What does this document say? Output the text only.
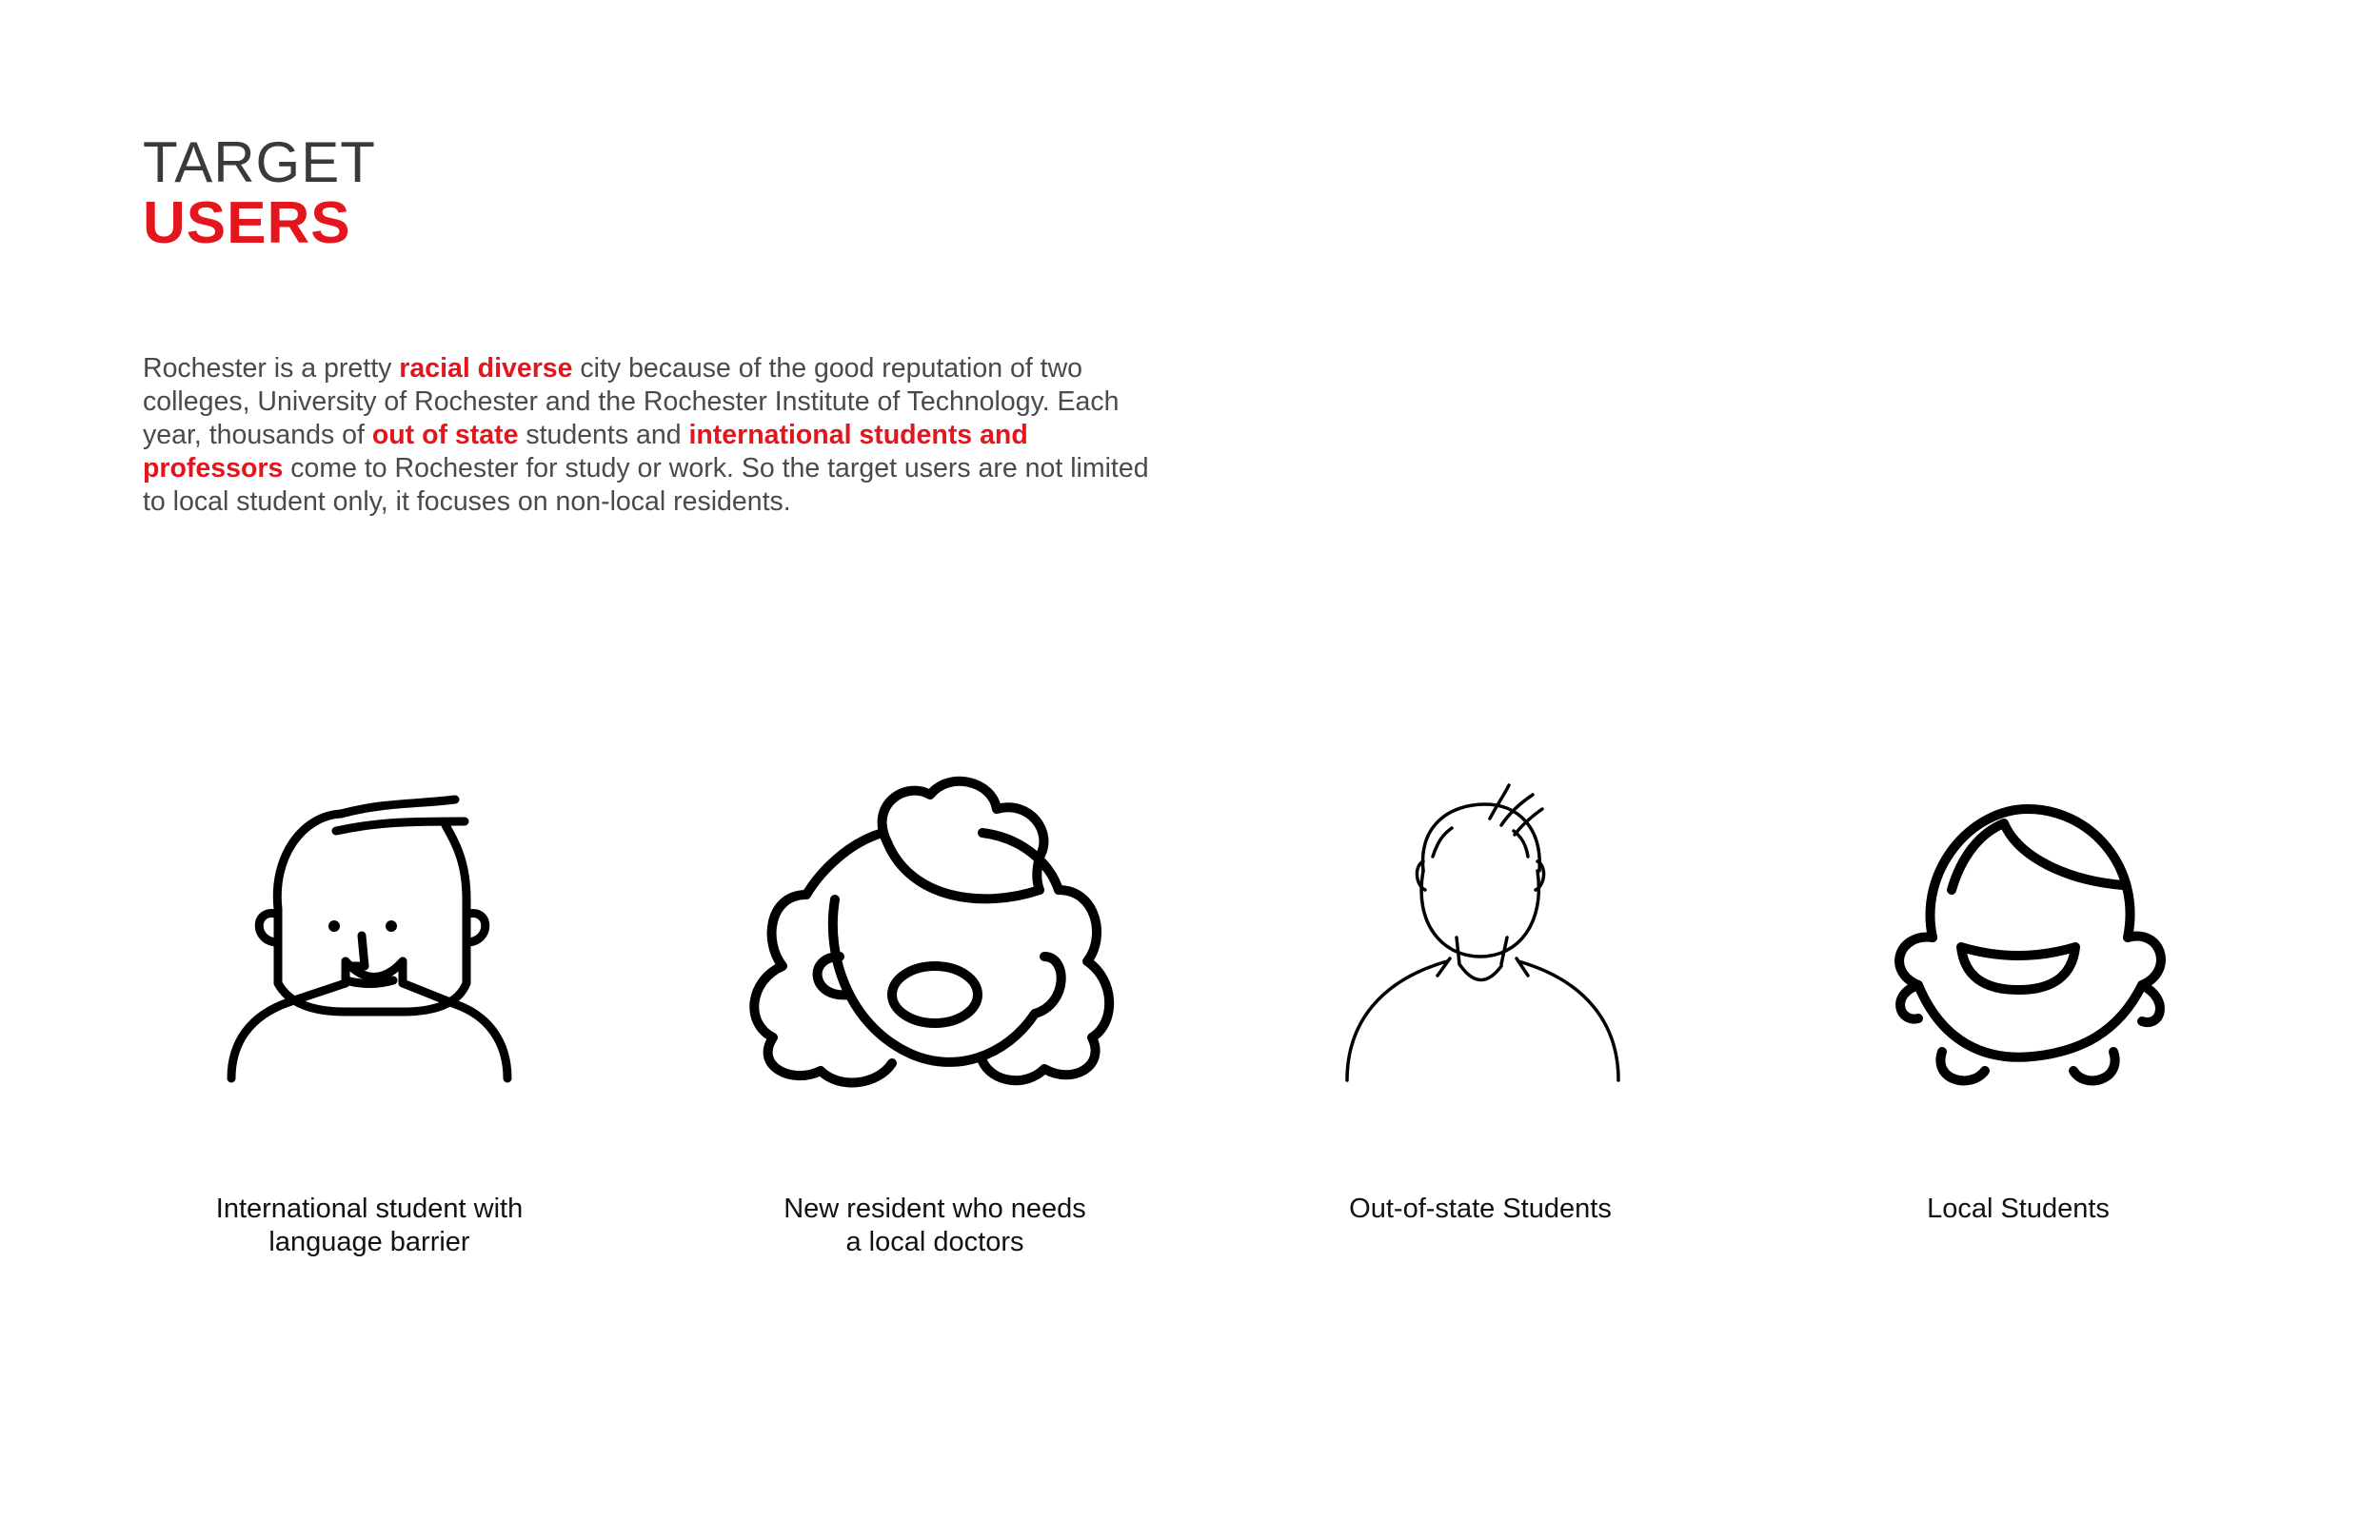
TARGET
USERS

Rochester is a pretty racial diverse city because of the good reputation of two colleges, University of Rochester and the Rochester Institute of Technology. Each year, thousands of out of state students and international students and professors come to Rochester for study or work. So the target users are not limited to local student only, it focuses on non-local residents.

International student with
language barrier
New resident who needs
a local doctors
Out-of-state Students	Local Students
